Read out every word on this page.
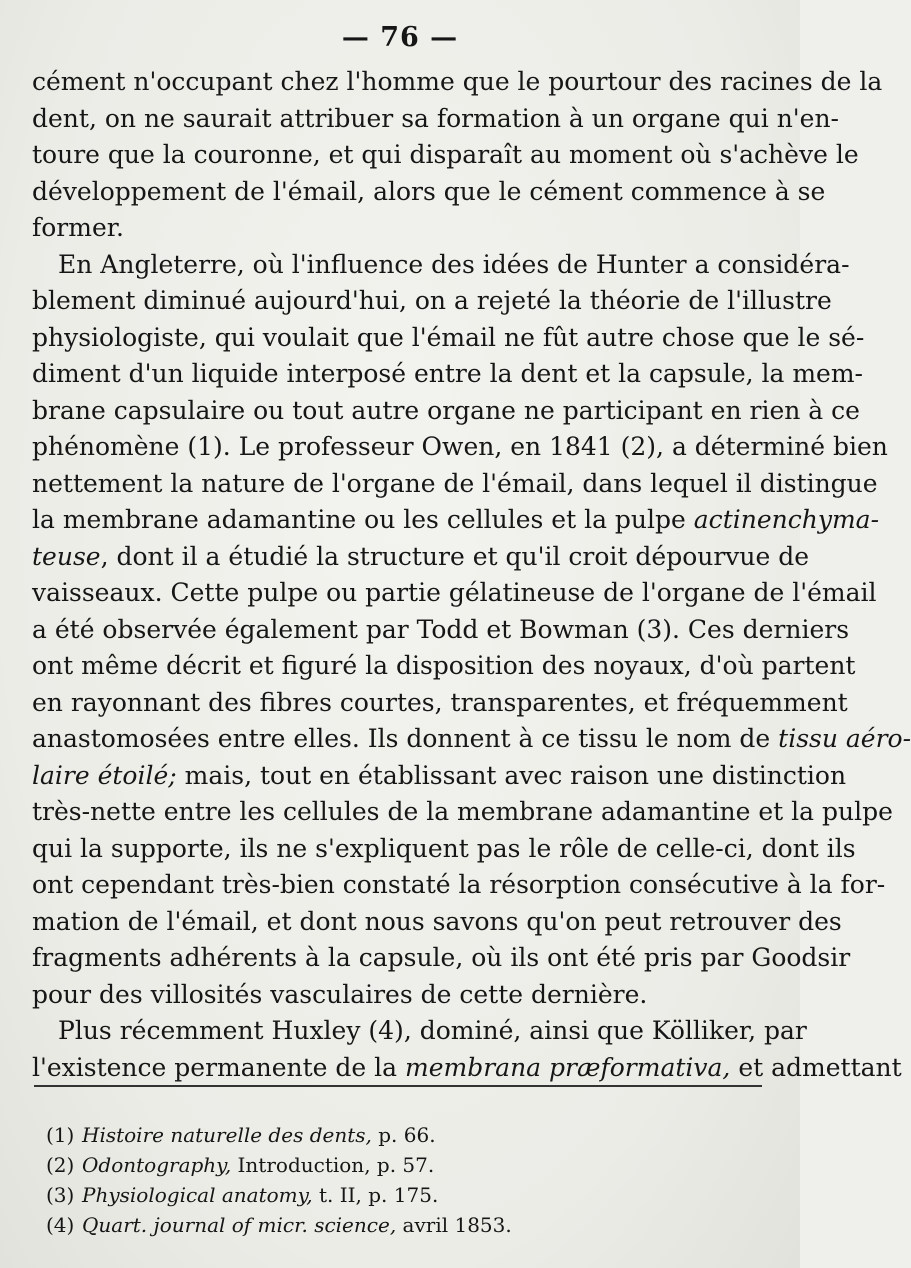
— 76 —
cément n'occupant chez l'homme que le pourtour des racines de la
dent, on ne saurait attribuer sa formation à un organe qui n'en-
toure que la couronne, et qui disparaît au moment où s'achève le
développement de l'émail, alors que le cément commence à se
former.
En Angleterre, où l'influence des idées de Hunter a considéra-
blement diminué aujourd'hui, on a rejeté la théorie de l'illustre
physiologiste, qui voulait que l'émail ne fût autre chose que le sé-
diment d'un liquide interposé entre la dent et la capsule, la mem-
brane capsulaire ou tout autre organe ne participant en rien à ce
phénomène (1). Le professeur Owen, en 1841 (2), a déterminé bien
nettement la nature de l'organe de l'émail, dans lequel il distingue
la membrane adamantine ou les cellules et la pulpe actinenchyma-
teuse, dont il a étudié la structure et qu'il croit dépourvue de
vaisseaux. Cette pulpe ou partie gélatineuse de l'organe de l'émail
a été observée également par Todd et Bowman (3). Ces derniers
ont même décrit et figuré la disposition des noyaux, d'où partent
en rayonnant des fibres courtes, transparentes, et fréquemment
anastomosées entre elles. Ils donnent à ce tissu le nom de tissu aéro-
laire étoilé; mais, tout en établissant avec raison une distinction
très-nette entre les cellules de la membrane adamantine et la pulpe
qui la supporte, ils ne s'expliquent pas le rôle de celle-ci, dont ils
ont cependant très-bien constaté la résorption consécutive à la for-
mation de l'émail, et dont nous savons qu'on peut retrouver des
fragments adhérents à la capsule, où ils ont été pris par Goodsir
pour des villosités vasculaires de cette dernière.
Plus récemment Huxley (4), dominé, ainsi que Kölliker, par
l'existence permanente de la membrana præformativa, et admettant
(1) Histoire naturelle des dents, p. 66.
(2) Odontography, Introduction, p. 57.
(3) Physiological anatomy, t. II, p. 175.
(4) Quart. journal of micr. science, avril 1853.
